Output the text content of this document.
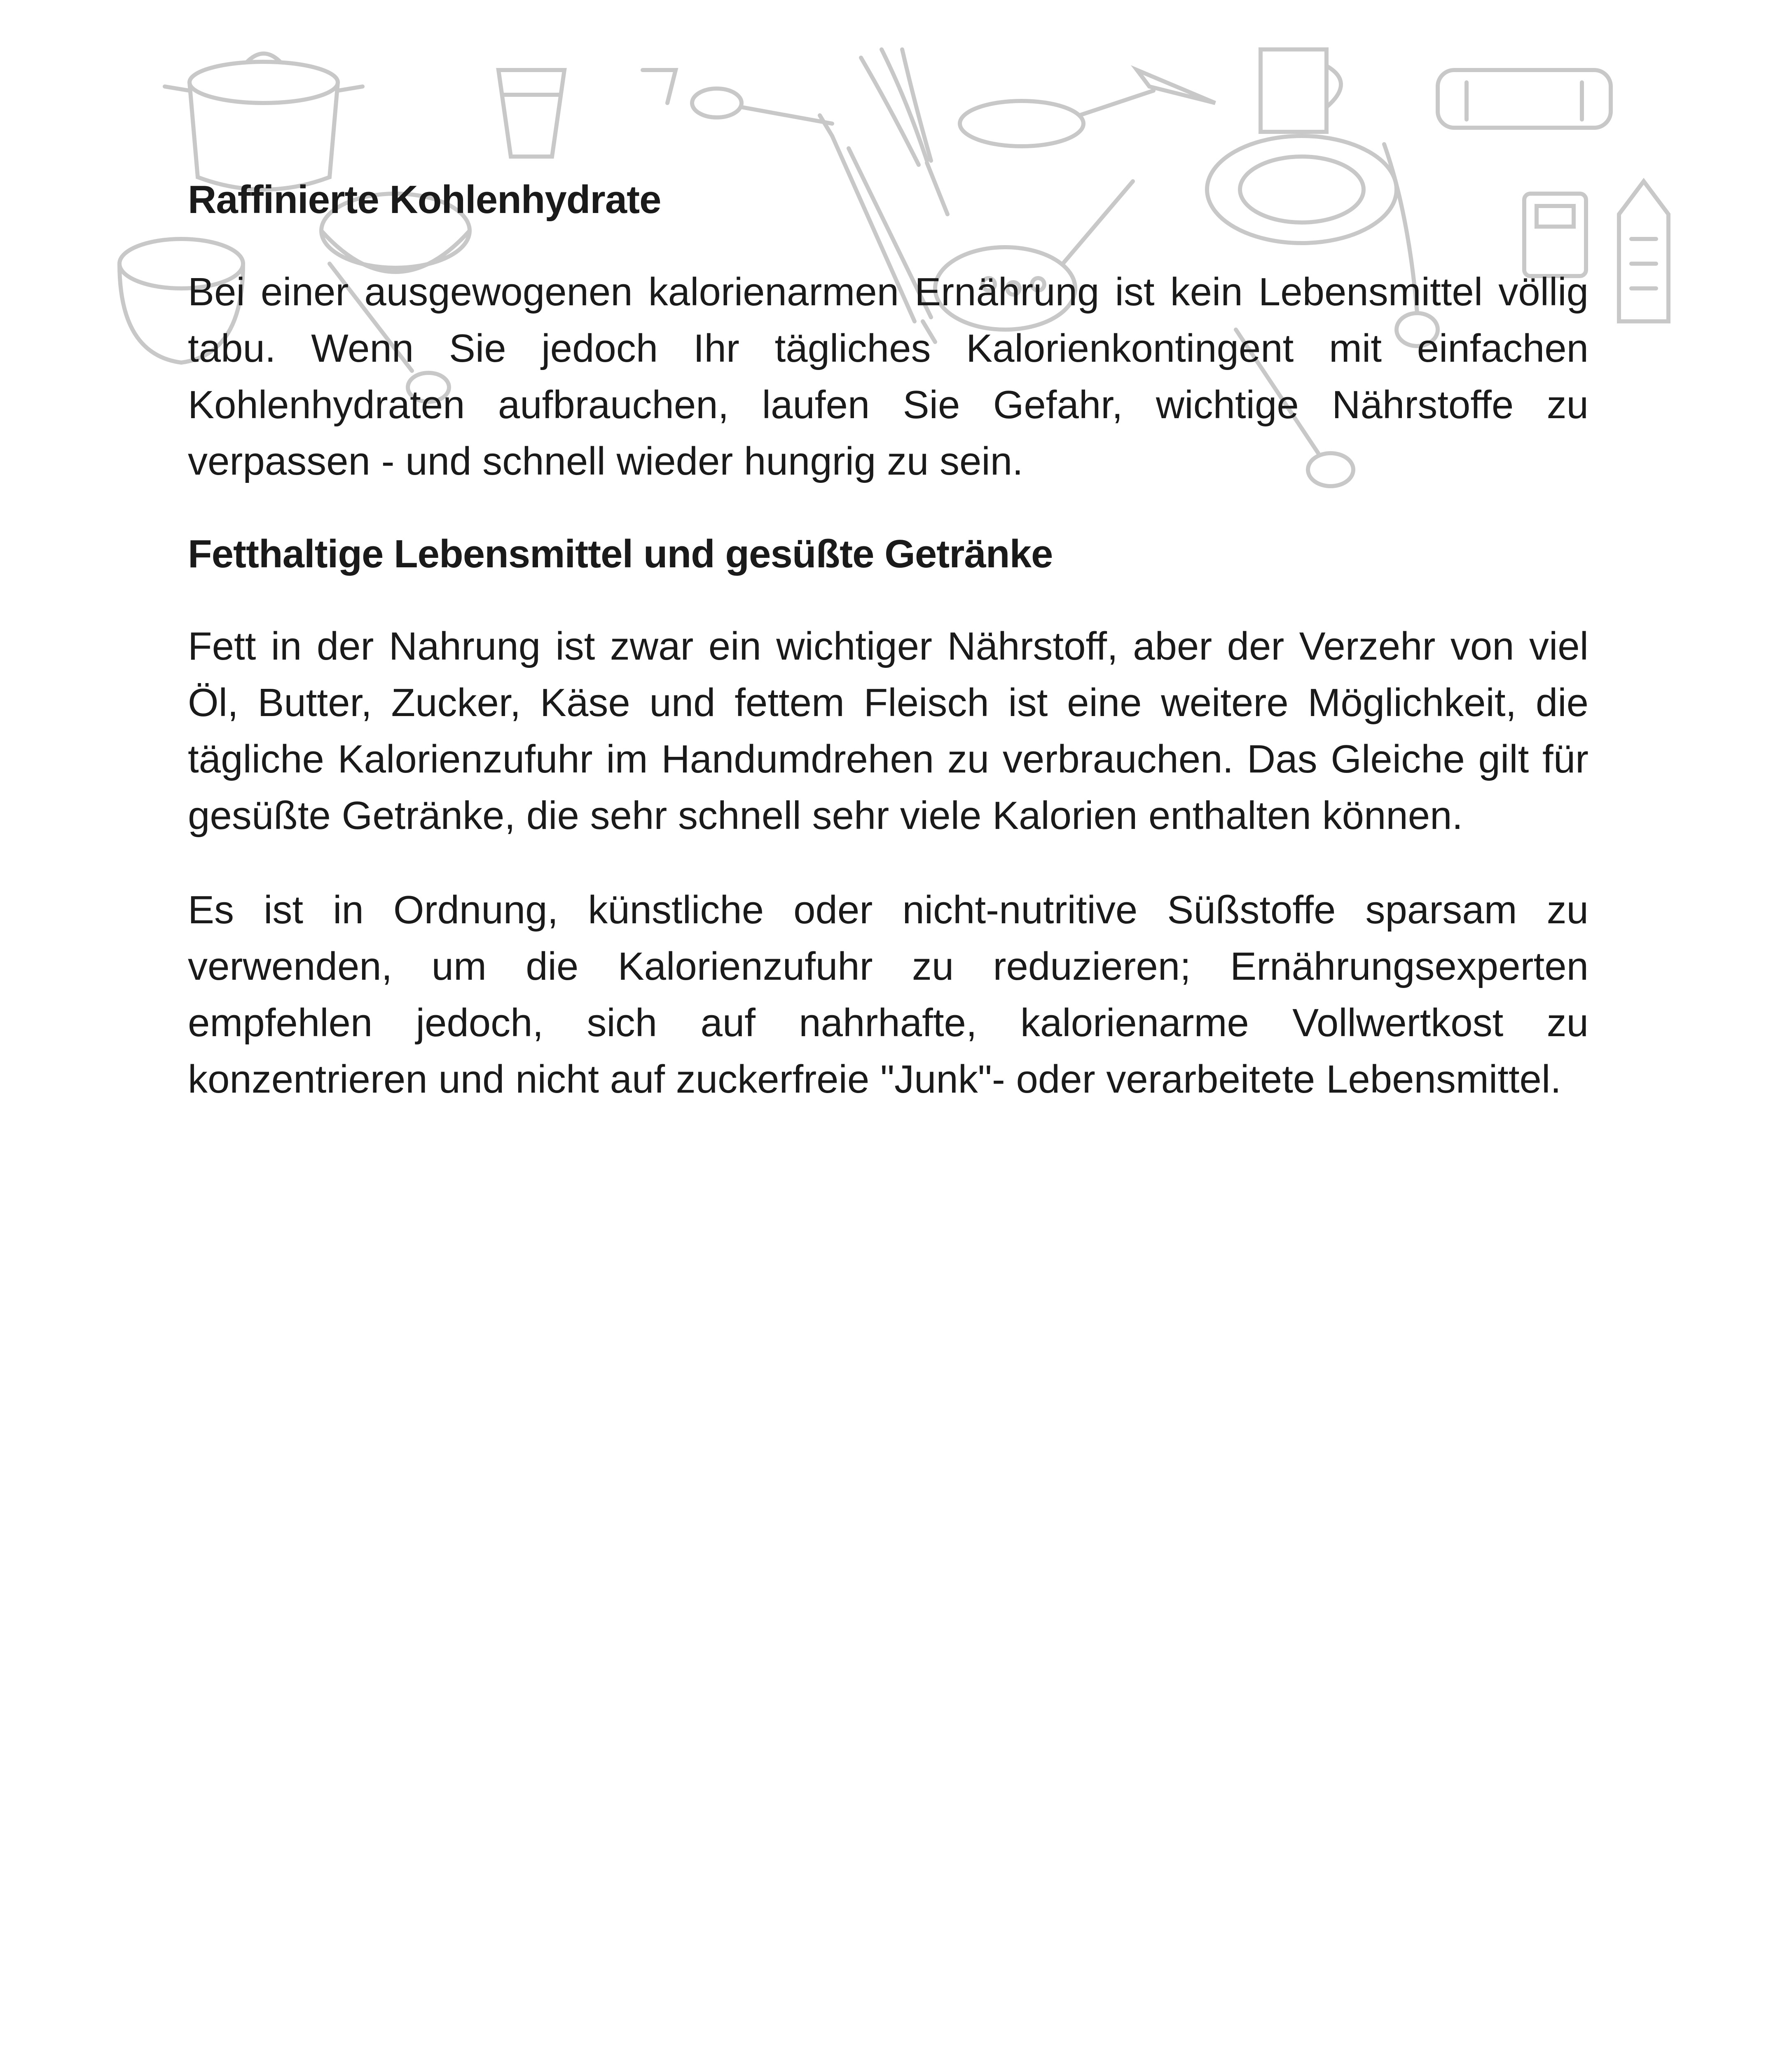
Raffinierte Kohlenhydrate

Bei einer ausgewogenen kalorienarmen Ernährung ist kein Lebensmittel völlig tabu. Wenn Sie jedoch Ihr tägliches Kalorienkontingent mit einfachen Kohlenhydraten aufbrauchen, laufen Sie Gefahr, wichtige Nährstoffe zu verpassen - und schnell wieder hungrig zu sein.

Fetthaltige Lebensmittel und gesüßte Getränke

Fett in der Nahrung ist zwar ein wichtiger Nährstoff, aber der Verzehr von viel Öl, Butter, Zucker, Käse und fettem Fleisch ist eine weitere Möglichkeit, die tägliche Kalorienzufuhr im Handumdrehen zu verbrauchen. Das Gleiche gilt für gesüßte Getränke, die sehr schnell sehr viele Kalorien enthalten können.

Es ist in Ordnung, künstliche oder nicht-nutritive Süßstoffe sparsam zu verwenden, um die Kalorienzufuhr zu reduzieren; Ernährungsexperten empfehlen jedoch, sich auf nahrhafte, kalorienarme Vollwertkost zu konzentrieren und nicht auf zuckerfreie "Junk"- oder verarbeitete Lebensmittel.
